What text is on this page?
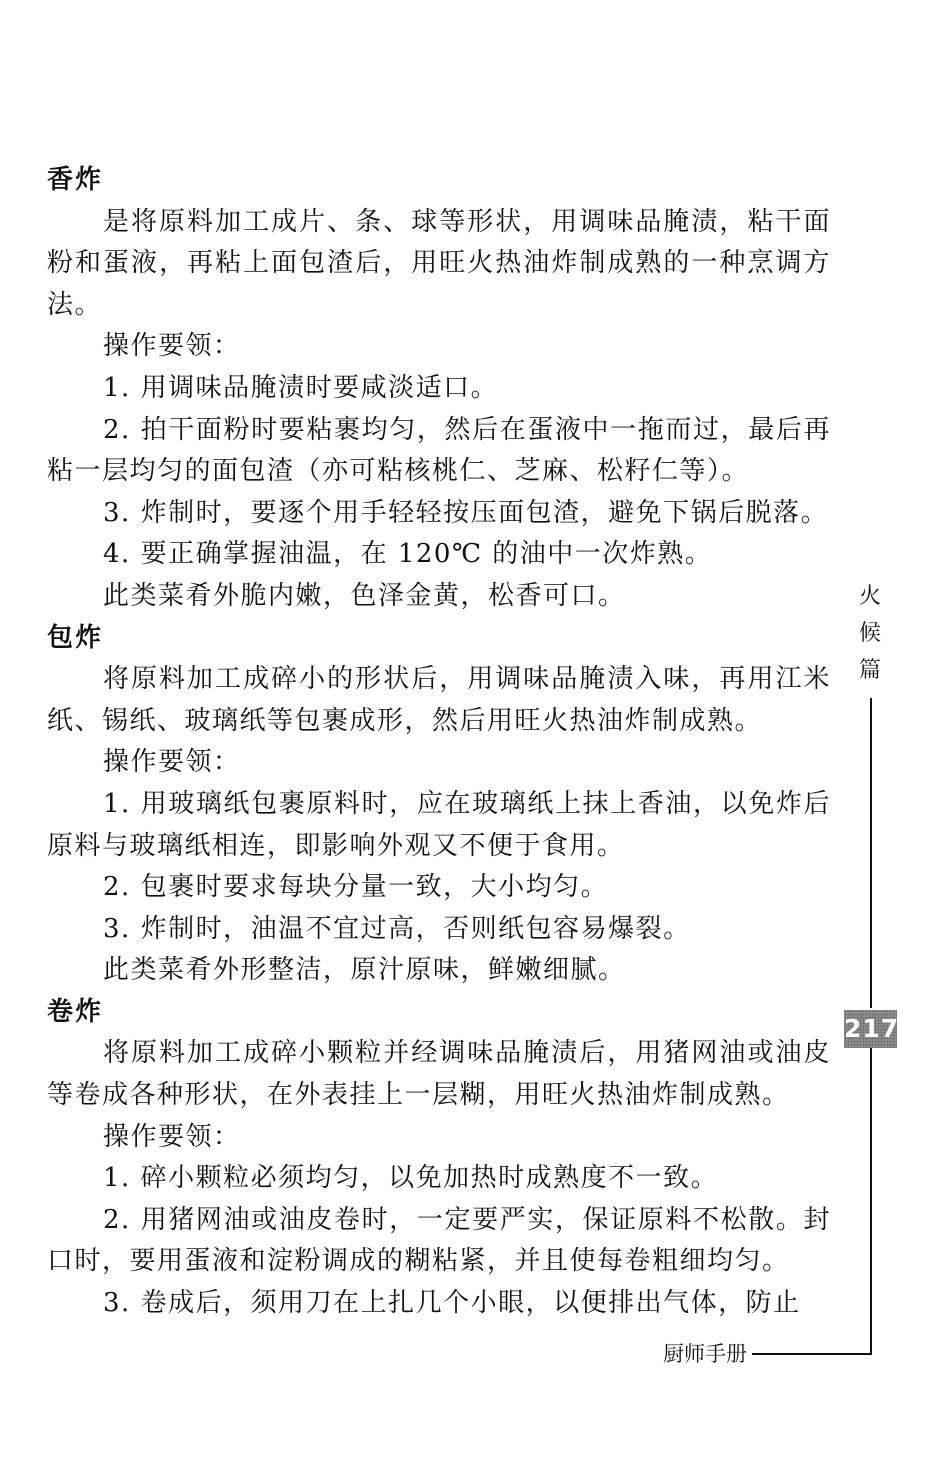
香炸
是将原料加工成片、条、球等形状，用调味品腌渍，粘干面粉和蛋液，再粘上面包渣后，用旺火热油炸制成熟的一种烹调方法。
操作要领：
1. 用调味品腌渍时要咸淡适口。
2. 拍干面粉时要粘裹均匀，然后在蛋液中一拖而过，最后再粘一层均匀的面包渣（亦可粘核桃仁、芝麻、松籽仁等）。
3. 炸制时，要逐个用手轻轻按压面包渣，避免下锅后脱落。
4. 要正确掌握油温，在 120℃ 的油中一次炸熟。
此类菜肴外脆内嫩，色泽金黄，松香可口。
包炸
将原料加工成碎小的形状后，用调味品腌渍入味，再用江米纸、锡纸、玻璃纸等包裹成形，然后用旺火热油炸制成熟。
操作要领：
1. 用玻璃纸包裹原料时，应在玻璃纸上抹上香油，以免炸后原料与玻璃纸相连，即影响外观又不便于食用。
2. 包裹时要求每块分量一致，大小均匀。
3. 炸制时，油温不宜过高，否则纸包容易爆裂。
此类菜肴外形整洁，原汁原味，鲜嫩细腻。
卷炸
将原料加工成碎小颗粒并经调味品腌渍后，用猪网油或油皮等卷成各种形状，在外表挂上一层糊，用旺火热油炸制成熟。
操作要领：
1. 碎小颗粒必须均匀，以免加热时成熟度不一致。
2. 用猪网油或油皮卷时，一定要严实，保证原料不松散。封口时，要用蛋液和淀粉调成的糊粘紧，并且使每卷粗细均匀。
3. 卷成后，须用刀在上扎几个小眼，以便排出气体，防止
火
候
篇
217
厨师手册
